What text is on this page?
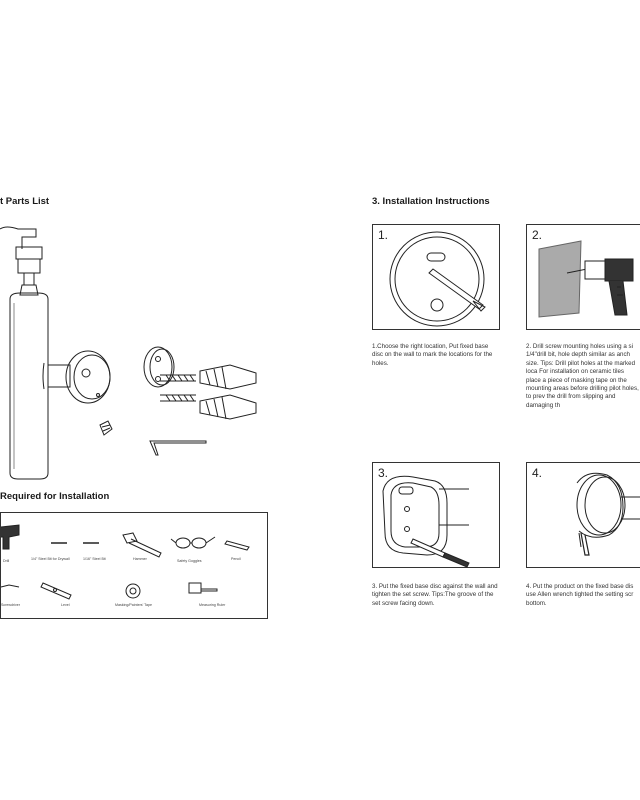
t Parts List
Required for Installation
Drill	1/4" Steel Bit for Drywall	1/16" Steel Bit	Hammer	Safety Goggles	Pencil
Screwdriver	Level	Masking/Painters' Tape	Measuring Ruler
3. Installation Instructions
1.	2.
1.Choose the right location, Put fixed base disc on the wall to mark the locations for the holes.
2. Drill screw mounting holes using a si 1/4"drill bit, hole depth similar as anch size. Tips: Drill pilot holes at the marked loca For installation on ceramic tiles place a piece of masking tape on the mounting areas before drilling pilot holes, to prev the drill from slipping and damaging th
3.	4.
3. Put the fixed base disc against the wall and tighten the set screw. Tips:The groove of the set screw facing down.
4. Put the product on the fixed base dis use Allen wrench tighted the setting scr bottom.
